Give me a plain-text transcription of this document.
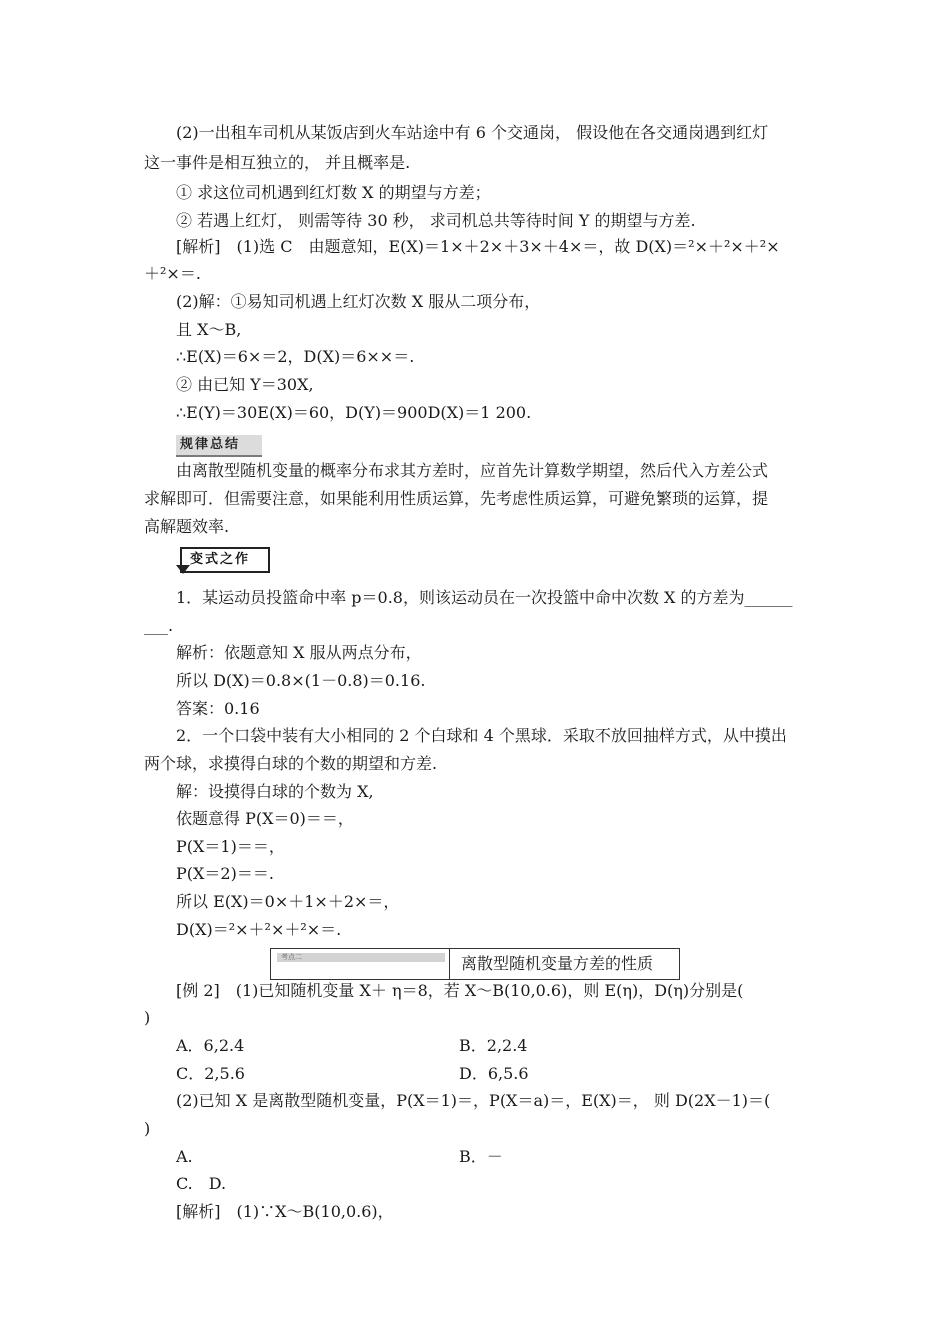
(2)一出租车司机从某饭店到火车站途中有 6 个交通岗， 假设他在各交通岗遇到红灯
这一事件是相互独立的， 并且概率是.
① 求这位司机遇到红灯数 X 的期望与方差；
② 若遇上红灯， 则需等待 30 秒， 求司机总共等待时间 Y 的期望与方差.
[解析]　(1)选 C　由题意知，E(X)＝1×＋2×＋3×＋4×＝，故 D(X)＝²×＋²×＋²×
＋²×＝.
(2)解：①易知司机遇上红灯次数 X 服从二项分布，
且 X～B,
∴E(X)＝6×＝2，D(X)＝6××＝.
② 由已知 Y＝30X,
∴E(Y)＝30E(X)＝60，D(Y)＝900D(X)＝1 200.
规律总结
由离散型随机变量的概率分布求其方差时，应首先计算数学期望，然后代入方差公式
求解即可．但需要注意，如果能利用性质运算，先考虑性质运算，可避免繁琐的运算，提
高解题效率.
变式之作
1．某运动员投篮命中率 p＝0.8，则该运动员在一次投篮中命中次数 X 的方差为______
___.
解析：依题意知 X 服从两点分布，
所以 D(X)＝0.8×(1－0.8)＝0.16.
答案：0.16
2．一个口袋中装有大小相同的 2 个白球和 4 个黑球．采取不放回抽样方式，从中摸出
两个球，求摸得白球的个数的期望和方差.
解：设摸得白球的个数为 X,
依题意得 P(X＝0)＝＝，
P(X＝1)＝＝，
P(X＝2)＝＝.
所以 E(X)＝0×＋1×＋2×＝，
D(X)＝²×＋²×＋²×＝.
考点二	离散型随机变量方差的性质
[例 2]　(1)已知随机变量 X＋ η＝8，若 X～B(10,0.6)，则 E(η)，D(η)分别是(
)
A．6,2.4	B．2,2.4
C．2,5.6	D．6,5.6
(2)已知 X 是离散型随机变量，P(X＝1)＝，P(X＝a)＝，E(X)＝， 则 D(2X－1)＝(
)
A.	B．－
C.　D.
[解析]　(1)∵X～B(10,0.6)，
